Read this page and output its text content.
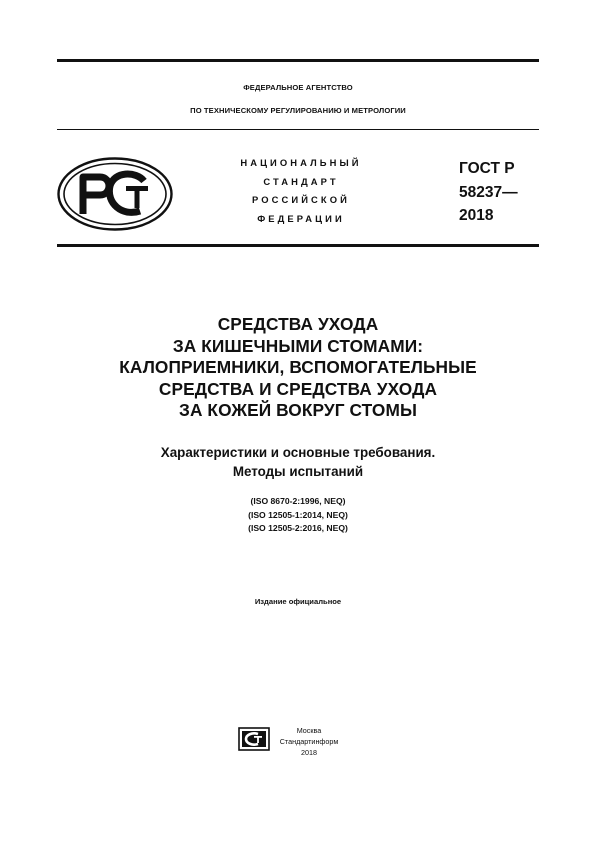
ФЕДЕРАЛЬНОЕ АГЕНТСТВО
ПО ТЕХНИЧЕСКОМУ РЕГУЛИРОВАНИЮ И МЕТРОЛОГИИ
НАЦИОНАЛЬНЫЙ
СТАНДАРТ
РОССИЙСКОЙ
ФЕДЕРАЦИИ
ГОСТ Р
58237—
2018
СРЕДСТВА УХОДА
ЗА КИШЕЧНЫМИ СТОМАМИ:
КАЛОПРИЕМНИКИ, ВСПОМОГАТЕЛЬНЫЕ
СРЕДСТВА И СРЕДСТВА УХОДА
ЗА КОЖЕЙ ВОКРУГ СТОМЫ
Характеристики и основные требования.
Методы испытаний
(ISO 8670-2:1996, NEQ)
(ISO 12505-1:2014, NEQ)
(ISO 12505-2:2016, NEQ)
Издание официальное
Москва
Стандартинформ
2018
